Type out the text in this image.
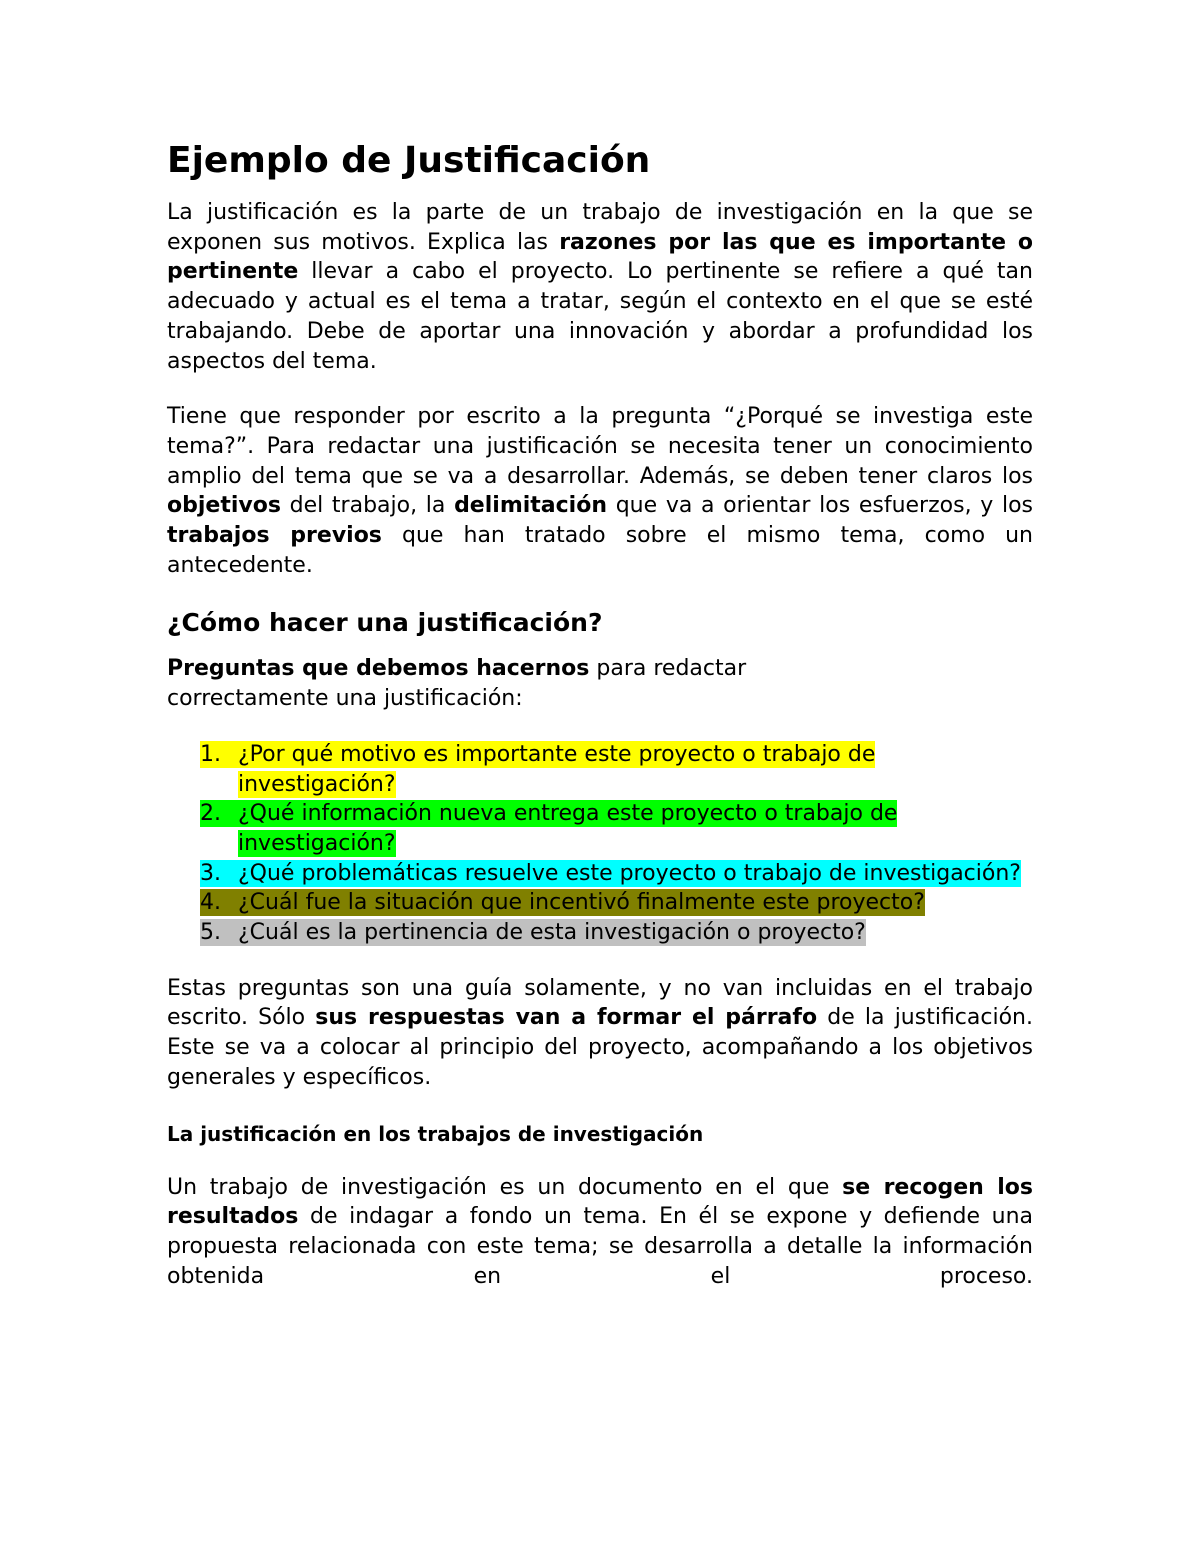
Ejemplo de Justificación

La justificación es la parte de un trabajo de investigación en la que se exponen sus motivos. Explica las razones por las que es importante o pertinente llevar a cabo el proyecto. Lo pertinente se refiere a qué tan adecuado y actual es el tema a tratar, según el contexto en el que se esté trabajando. Debe de aportar una innovación y abordar a profundidad los aspectos del tema.

Tiene que responder por escrito a la pregunta “¿Porqué se investiga este tema?”. Para redactar una justificación se necesita tener un conocimiento amplio del tema que se va a desarrollar. Además, se deben tener claros los objetivos del trabajo, la delimitación que va a orientar los esfuerzos, y los trabajos previos que han tratado sobre el mismo tema, como un antecedente.

¿Cómo hacer una justificación?

Preguntas que debemos hacernos para redactar correctamente una justificación:

1. ¿Por qué motivo es importante este proyecto o trabajo de investigación?
2. ¿Qué información nueva entrega este proyecto o trabajo de investigación?
3. ¿Qué problemáticas resuelve este proyecto o trabajo de investigación?
4. ¿Cuál fue la situación que incentivó finalmente este proyecto?
5. ¿Cuál es la pertinencia de esta investigación o proyecto?

Estas preguntas son una guía solamente, y no van incluidas en el trabajo escrito. Sólo sus respuestas van a formar el párrafo de la justificación. Este se va a colocar al principio del proyecto, acompañando a los objetivos generales y específicos.

La justificación en los trabajos de investigación

Un trabajo de investigación es un documento en el que se recogen los resultados de indagar a fondo un tema. En él se expone y defiende una propuesta relacionada con este tema; se desarrolla a detalle la información obtenida en el proceso.
